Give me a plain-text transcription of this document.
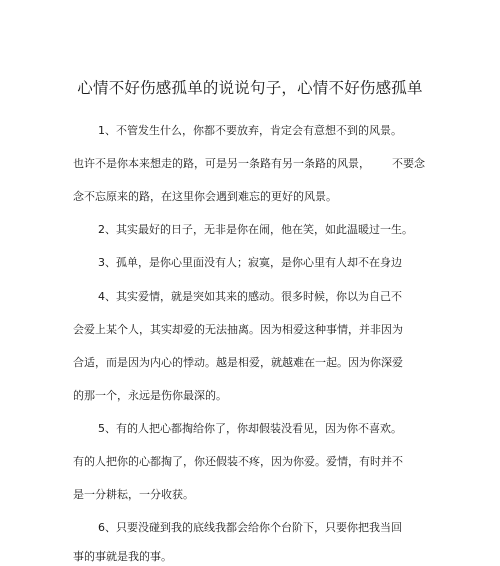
心情不好伤感孤单的说说句子，心情不好伤感孤单
1、不管发生什么，你都不要放弃，肯定会有意想不到的风景。
也许不是你本来想走的路，可是另一条路有另一条路的风景， 不要念
念不忘原来的路，在这里你会遇到难忘的更好的风景。
2、其实最好的日子，无非是你在闹，他在笑，如此温暖过一生。
3、孤单，是你心里面没有人；寂寞，是你心里有人却不在身边
4、其实爱情，就是突如其来的感动。很多时候，你以为自己不
会爱上某个人，其实却爱的无法抽离。因为相爱这种事情，并非因为
合适，而是因为内心的悸动。越是相爱，就越难在一起。因为你深爱
的那一个，永远是伤你最深的。
5、有的人把心都掏给你了，你却假装没看见，因为你不喜欢。
有的人把你的心都掏了，你还假装不疼，因为你爱。爱情，有时并不
是一分耕耘，一分收获。
6、只要没碰到我的底线我都会给你个台阶下，只要你把我当回
事的事就是我的事。
